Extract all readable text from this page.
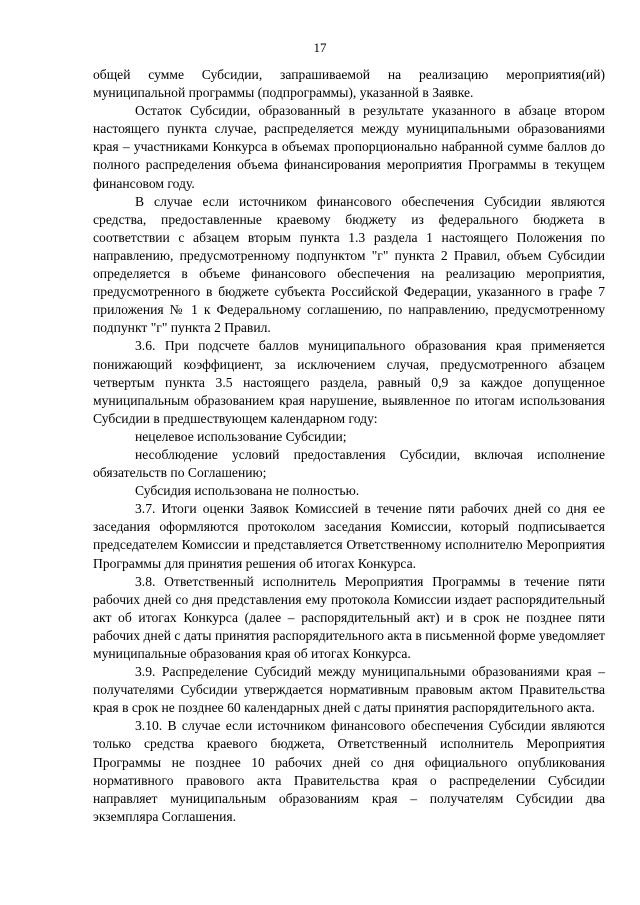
17

общей сумме Субсидии, запрашиваемой на реализацию мероприятия(ий) муниципальной программы (подпрограммы), указанной в Заявке.

Остаток Субсидии, образованный в результате указанного в абзаце втором настоящего пункта случае, распределяется между муниципальными образованиями края – участниками Конкурса в объемах пропорционально набранной сумме баллов до полного распределения объема финансирования мероприятия Программы в текущем финансовом году.

В случае если источником финансового обеспечения Субсидии являются средства, предоставленные краевому бюджету из федерального бюджета в соответствии с абзацем вторым пункта 1.3 раздела 1 настоящего Положения по направлению, предусмотренному подпунктом "г" пункта 2 Правил, объем Субсидии определяется в объеме финансового обеспечения на реализацию мероприятия, предусмотренного в бюджете субъекта Российской Федерации, указанного в графе 7 приложения № 1 к Федеральному соглашению, по направлению, предусмотренному подпункт "г" пункта 2 Правил.

3.6. При подсчете баллов муниципального образования края применяется понижающий коэффициент, за исключением случая, предусмотренного абзацем четвертым пункта 3.5 настоящего раздела, равный 0,9 за каждое допущенное муниципальным образованием края нарушение, выявленное по итогам использования Субсидии в предшествующем календарном году:

нецелевое использование Субсидии;

несоблюдение условий предоставления Субсидии, включая исполнение обязательств по Соглашению;

Субсидия использована не полностью.

3.7. Итоги оценки Заявок Комиссией в течение пяти рабочих дней со дня ее заседания оформляются протоколом заседания Комиссии, который подписывается председателем Комиссии и представляется Ответственному исполнителю Мероприятия Программы для принятия решения об итогах Конкурса.

3.8. Ответственный исполнитель Мероприятия Программы в течение пяти рабочих дней со дня представления ему протокола Комиссии издает распорядительный акт об итогах Конкурса (далее – распорядительный акт) и в срок не позднее пяти рабочих дней с даты принятия распорядительного акта в письменной форме уведомляет муниципальные образования края об итогах Конкурса.

3.9. Распределение Субсидий между муниципальными образованиями края – получателями Субсидии утверждается нормативным правовым актом Правительства края в срок не позднее 60 календарных дней с даты принятия распорядительного акта.

3.10. В случае если источником финансового обеспечения Субсидии являются только средства краевого бюджета, Ответственный исполнитель Мероприятия Программы не позднее 10 рабочих дней со дня официального опубликования нормативного правового акта Правительства края о распределении Субсидии направляет муниципальным образованиям края – получателям Субсидии два экземпляра Соглашения.
